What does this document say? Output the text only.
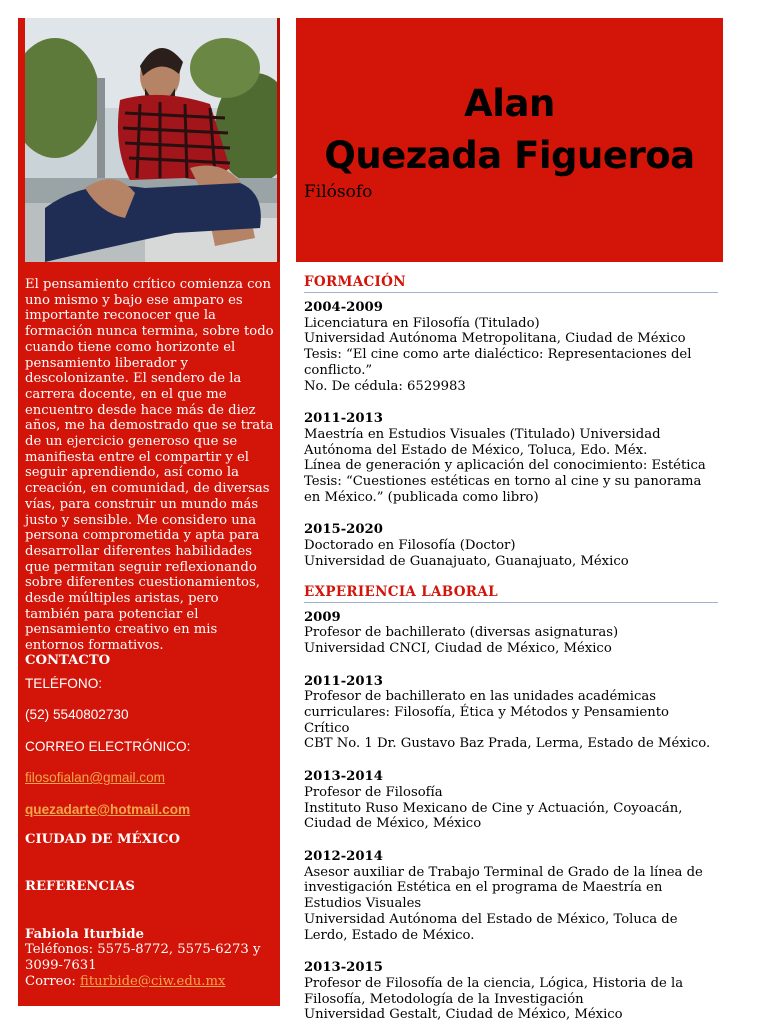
Alan
Quezada Figueroa
Filósofo

El pensamiento crítico comienza con uno mismo y bajo ese amparo es importante reconocer que la formación nunca termina, sobre todo cuando tiene como horizonte el pensamiento liberador y descolonizante. El sendero de la carrera docente, en el que me encuentro desde hace más de diez años, me ha demostrado que se trata de un ejercicio generoso que se manifiesta entre el compartir y el seguir aprendiendo, así como la creación, en comunidad, de diversas vías, para construir un mundo más justo y sensible. Me considero una persona comprometida y apta para desarrollar diferentes habilidades que permitan seguir reflexionando sobre diferentes cuestionamientos, desde múltiples aristas, pero también para potenciar el pensamiento creativo en mis entornos formativos.

CONTACTO
TELÉFONO:
(52) 5540802730
CORREO ELECTRÓNICO:
filosofialan@gmail.com
quezadarte@hotmail.com
CIUDAD DE MÉXICO
REFERENCIAS
Fabiola Iturbide
Teléfonos: 5575-8772, 5575-6273 y 3099-7631
Correo: fiturbide@ciw.edu.mx
FORMACIÓN
2004-2009
Licenciatura en Filosofía (Titulado)
Universidad Autónoma Metropolitana, Ciudad de México
Tesis: “El cine como arte dialéctico: Representaciones del conflicto.”
No. De cédula: 6529983
2011-2013
Maestría en Estudios Visuales (Titulado) Universidad Autónoma del Estado de México, Toluca, Edo. Méx.
Línea de generación y aplicación del conocimiento: Estética
Tesis: “Cuestiones estéticas en torno al cine y su panorama en México.” (publicada como libro)
2015-2020
Doctorado en Filosofía (Doctor)
Universidad de Guanajuato, Guanajuato, México
EXPERIENCIA LABORAL
2009
Profesor de bachillerato (diversas asignaturas)
Universidad CNCI, Ciudad de México, México
2011-2013
Profesor de bachillerato en las unidades académicas curriculares: Filosofía, Ética y Métodos y Pensamiento Crítico
CBT No. 1 Dr. Gustavo Baz Prada, Lerma, Estado de México.
2013-2014
Profesor de Filosofía
Instituto Ruso Mexicano de Cine y Actuación, Coyoacán, Ciudad de México, México
2012-2014
Asesor auxiliar de Trabajo Terminal de Grado de la línea de investigación Estética en el programa de Maestría en Estudios Visuales
Universidad Autónoma del Estado de México, Toluca de Lerdo, Estado de México.
2013-2015
Profesor de Filosofía de la ciencia, Lógica, Historia de la Filosofía, Metodología de la Investigación
Universidad Gestalt, Ciudad de México, México
